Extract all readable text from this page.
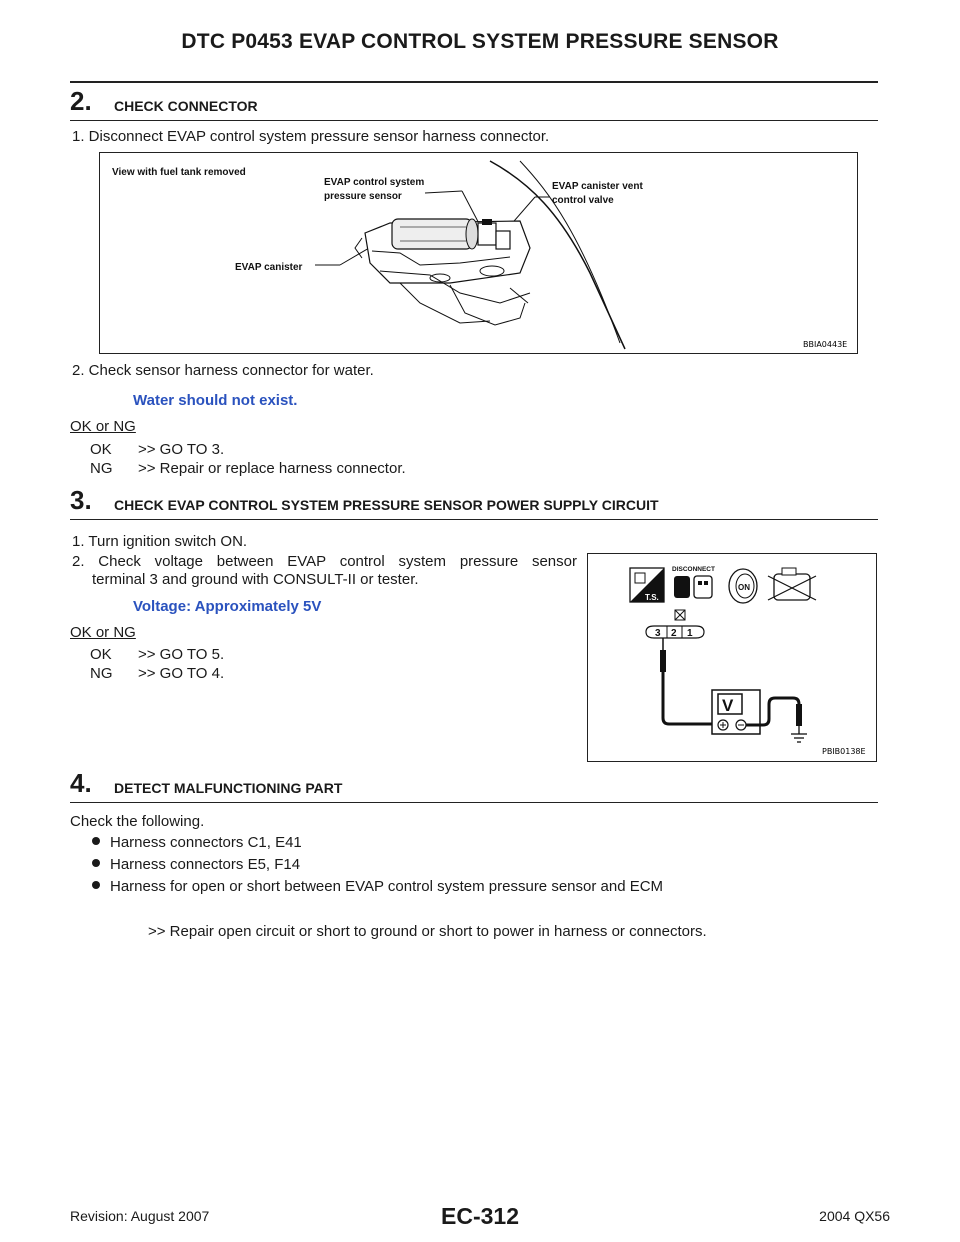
DTC P0453 EVAP CONTROL SYSTEM PRESSURE SENSOR
2. CHECK CONNECTOR
1. Disconnect EVAP control system pressure sensor harness connector.
View with fuel tank removed
EVAP control system
pressure sensor
EVAP canister vent
control valve
EVAP canister
BBIA0443E
2. Check sensor harness connector for water.
Water should not exist.
OK or NG
OK >> GO TO 3.
NG >> Repair or replace harness connector.
3. CHECK EVAP CONTROL SYSTEM PRESSURE SENSOR POWER SUPPLY CIRCUIT
1. Turn ignition switch ON.
2. Check voltage between EVAP control system pressure sensor
terminal 3 and ground with CONSULT-II or tester.
Voltage: Approximately 5V
OK or NG
OK >> GO TO 5.
NG >> GO TO 4.
T.S.
DISCONNECT
ON
3 2 1
V
PBIB0138E
4. DETECT MALFUNCTIONING PART
Check the following.
Harness connectors C1, E41
Harness connectors E5, F14
Harness for open or short between EVAP control system pressure sensor and ECM
>> Repair open circuit or short to ground or short to power in harness or connectors.
Revision: August 2007	EC-312	2004 QX56
